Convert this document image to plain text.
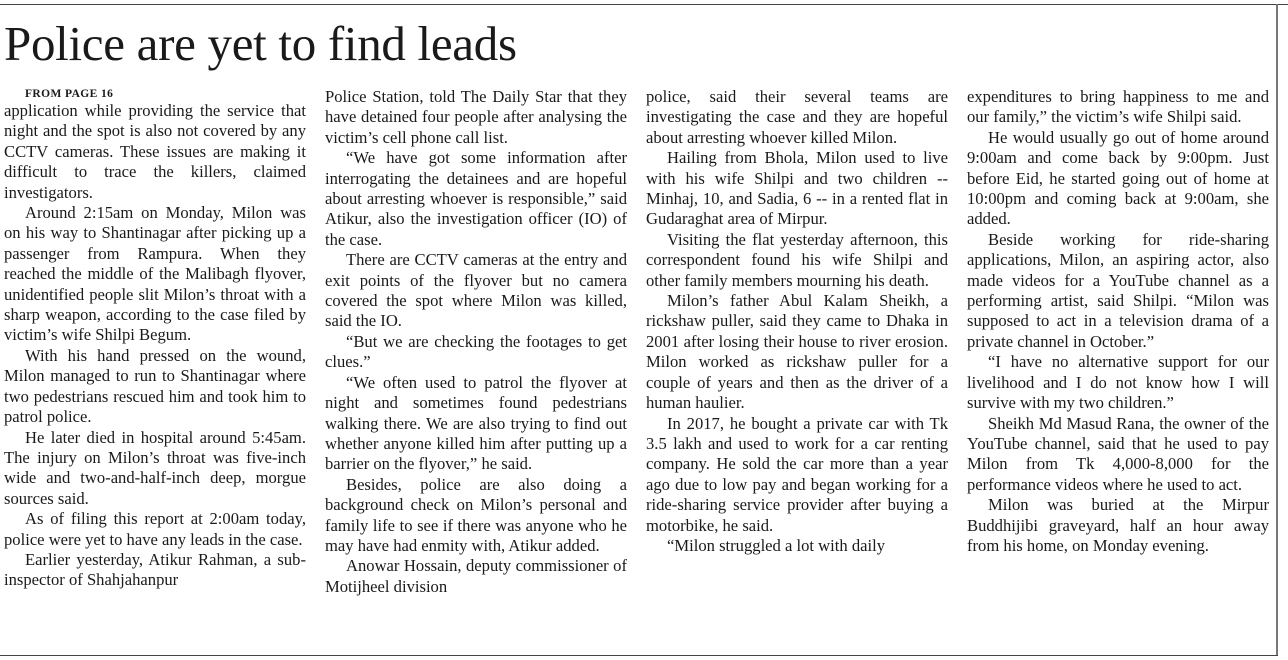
Police are yet to find leads

FROM PAGE 16

application while providing the service that night and the spot is also not covered by any CCTV cameras. These issues are making it difficult to trace the killers, claimed investigators.

Around 2:15am on Monday, Milon was on his way to Shantinagar after picking up a passenger from Rampura. When they reached the middle of the Malibagh flyover, unidentified people slit Milon’s throat with a sharp weapon, according to the case filed by victim’s wife Shilpi Begum.

With his hand pressed on the wound, Milon managed to run to Shantinagar where two pedestrians rescued him and took him to patrol police.

He later died in hospital around 5:45am. The injury on Milon’s throat was five-inch wide and two-and-half-inch deep, morgue sources said.

As of filing this report at 2:00am today, police were yet to have any leads in the case.

Earlier yesterday, Atikur Rahman, a sub-inspector of Shahjahanpur

Police Station, told The Daily Star that they have detained four people after analysing the victim’s cell phone call list.

“We have got some information after interrogating the detainees and are hopeful about arresting whoever is responsible,” said Atikur, also the investigation officer (IO) of the case.

There are CCTV cameras at the entry and exit points of the flyover but no camera covered the spot where Milon was killed, said the IO.

“But we are checking the footages to get clues.”

“We often used to patrol the flyover at night and sometimes found pedestrians walking there. We are also trying to find out whether anyone killed him after putting up a barrier on the flyover,” he said.

Besides, police are also doing a background check on Milon’s personal and family life to see if there was anyone who he may have had enmity with, Atikur added.

Anowar Hossain, deputy commissioner of Motijheel division

police, said their several teams are investigating the case and they are hopeful about arresting whoever killed Milon.

Hailing from Bhola, Milon used to live with his wife Shilpi and two children -- Minhaj, 10, and Sadia, 6 -- in a rented flat in Gudaraghat area of Mirpur.

Visiting the flat yesterday afternoon, this correspondent found his wife Shilpi and other family members mourning his death.

Milon’s father Abul Kalam Sheikh, a rickshaw puller, said they came to Dhaka in 2001 after losing their house to river erosion. Milon worked as rickshaw puller for a couple of years and then as the driver of a human haulier.

In 2017, he bought a private car with Tk 3.5 lakh and used to work for a car renting company. He sold the car more than a year ago due to low pay and began working for a ride-sharing service provider after buying a motorbike, he said.

“Milon struggled a lot with daily

expenditures to bring happiness to me and our family,” the victim’s wife Shilpi said.

He would usually go out of home around 9:00am and come back by 9:00pm. Just before Eid, he started going out of home at 10:00pm and coming back at 9:00am, she added.

Beside working for ride-sharing applications, Milon, an aspiring actor, also made videos for a YouTube channel as a performing artist, said Shilpi. “Milon was supposed to act in a television drama of a private channel in October.”

“I have no alternative support for our livelihood and I do not know how I will survive with my two children.”

Sheikh Md Masud Rana, the owner of the YouTube channel, said that he used to pay Milon from Tk 4,000-8,000 for the performance videos where he used to act.

Milon was buried at the Mirpur Buddhijibi graveyard, half an hour away from his home, on Monday evening.
